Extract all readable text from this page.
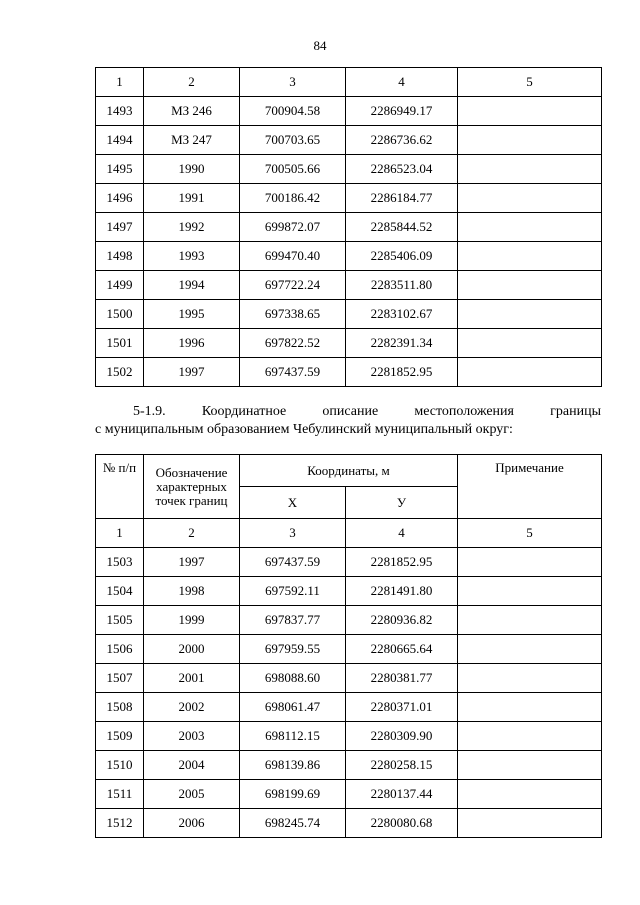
84
1	2	3	4	5
1493	МЗ 246	700904.58	2286949.17	
1494	МЗ 247	700703.65	2286736.62	
1495	1990	700505.66	2286523.04	
1496	1991	700186.42	2286184.77	
1497	1992	699872.07	2285844.52	
1498	1993	699470.40	2285406.09	
1499	1994	697722.24	2283511.80	
1500	1995	697338.65	2283102.67	
1501	1996	697822.52	2282391.34	
1502	1997	697437.59	2281852.95	
5-1.9.	Координатное	описание	местоположения	границы
с муниципальным образованием Чебулинский муниципальный округ:
№ п/п	Обозначение характерных точек границ	Координаты, м		Примечание
		X	У	
1	2	3	4	5
1503	1997	697437.59	2281852.95	
1504	1998	697592.11	2281491.80	
1505	1999	697837.77	2280936.82	
1506	2000	697959.55	2280665.64	
1507	2001	698088.60	2280381.77	
1508	2002	698061.47	2280371.01	
1509	2003	698112.15	2280309.90	
1510	2004	698139.86	2280258.15	
1511	2005	698199.69	2280137.44	
1512	2006	698245.74	2280080.68	
